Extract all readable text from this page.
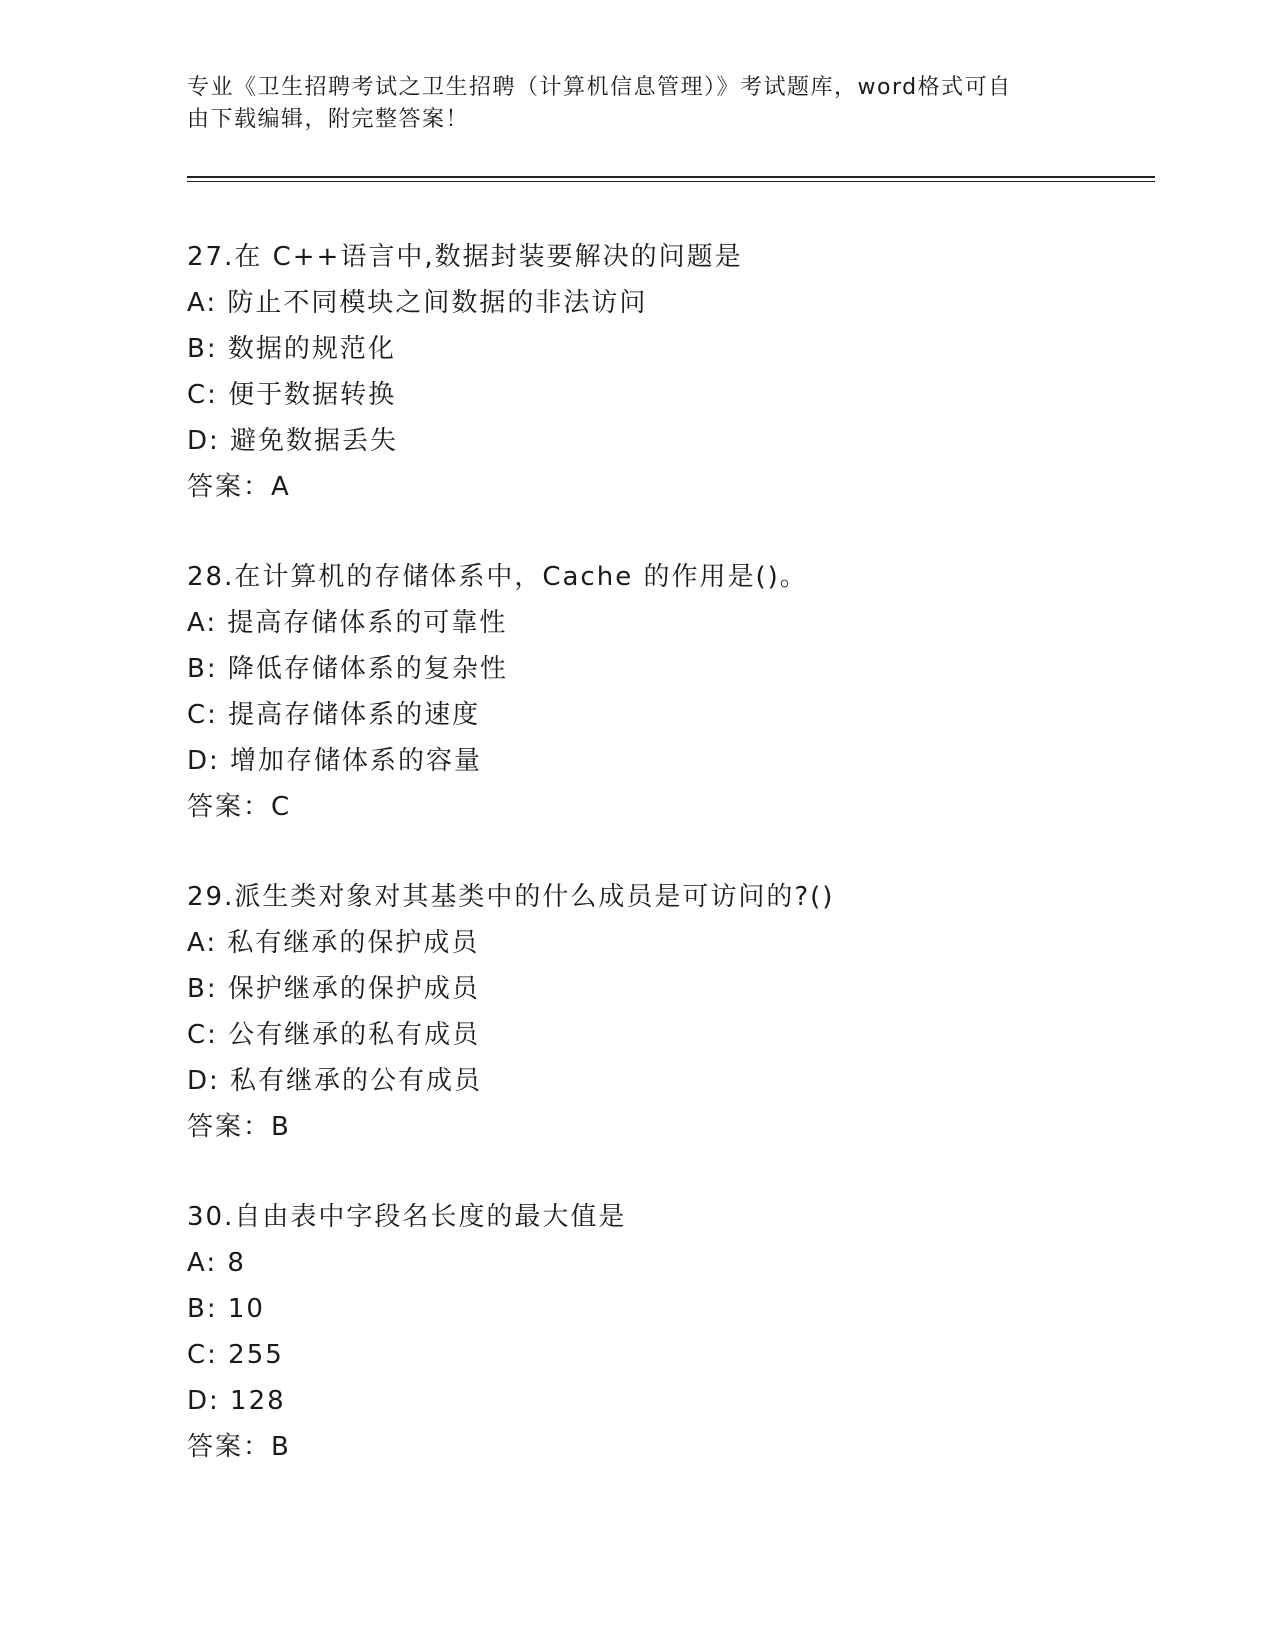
专业《卫生招聘考试之卫生招聘（计算机信息管理）》考试题库，word格式可自
由下载编辑，附完整答案！
27.在 C++语言中,数据封装要解决的问题是
A: 防止不同模块之间数据的非法访问
B: 数据的规范化
C: 便于数据转换
D: 避免数据丢失
答案：A
28.在计算机的存储体系中，Cache 的作用是()。
A: 提高存储体系的可靠性
B: 降低存储体系的复杂性
C: 提高存储体系的速度
D: 增加存储体系的容量
答案：C
29.派生类对象对其基类中的什么成员是可访问的?()
A: 私有继承的保护成员
B: 保护继承的保护成员
C: 公有继承的私有成员
D: 私有继承的公有成员
答案：B
30.自由表中字段名长度的最大值是
A: 8
B: 10
C: 255
D: 128
答案：B
